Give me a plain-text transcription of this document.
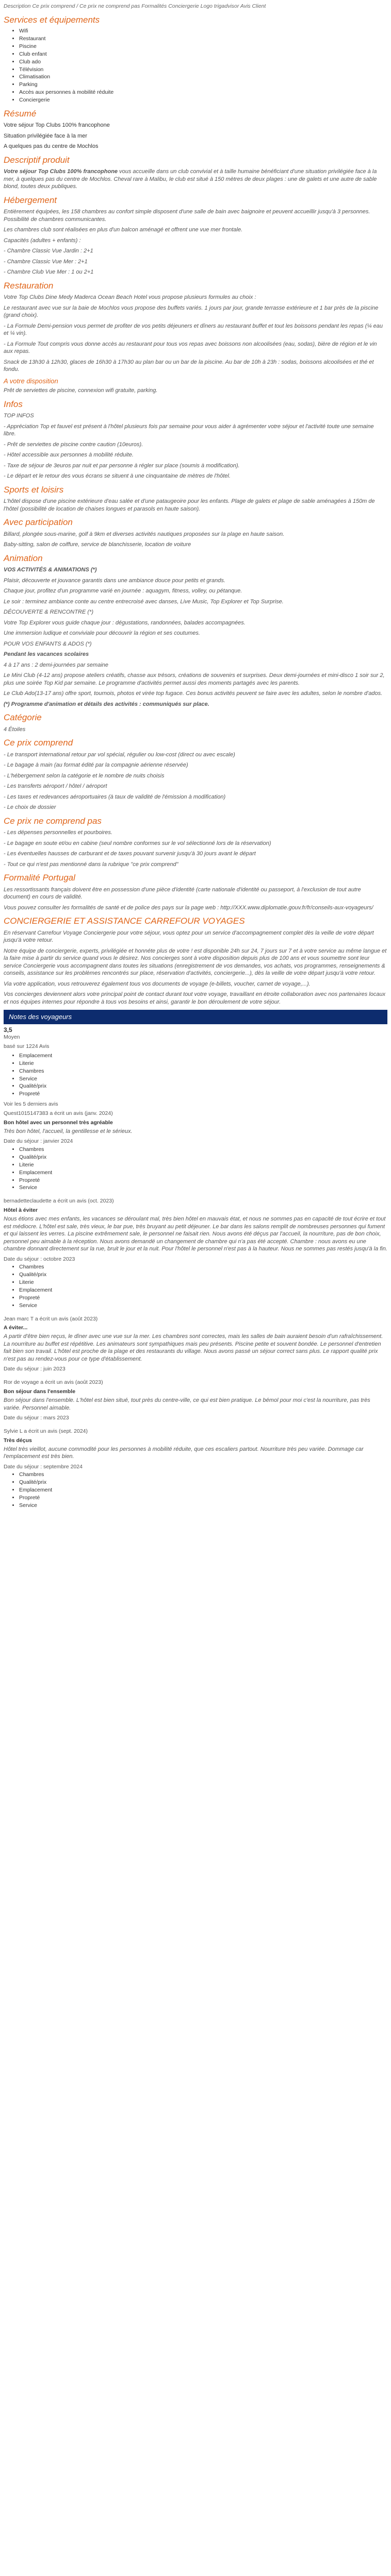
Description Ce prix comprend / Ce prix ne comprend pas Formalités Conciergerie Logo trigadvisor Avis Client

Services et équipements
• Wifi
• Restaurant
• Piscine
• Club enfant
• Club ado
• Télévision
• Climatisation
• Parking
• Accès aux personnes à mobilité réduite
• Conciergerie
Résumé

Votre séjour Top Clubs 100% francophone

Situation privilégiée face à la mer

A quelques pas du centre de Mochlos

Descriptif produit

Votre séjour Top Clubs 100% francophone vous accueille dans un club convivial et à taille humaine bénéficiant d'une situation privilégiée face à la mer, à quelques pas du centre de Mochlos. Cheval rare à Malibu, le club est situé à 150 mètres de deux plages : une de galets et une autre de sable blond, toutes deux publiques.

Hébergement

Entièrement équipées, les 158 chambres au confort simple disposent d'une salle de bain avec baignoire et peuvent accueillir jusqu'à 3 personnes. Possibilité de chambres communicantes.

Les chambres club sont réalisées en plus d'un balcon aménagé et offrent une vue mer frontale.

Capacités (adultes + enfants) :

- Chambre Classic Vue Jardin : 2+1

- Chambre Classic Vue Mer : 2+1

- Chambre Club Vue Mer : 1 ou 2+1

Restauration

Votre Top Clubs Dine Medy Maderca Ocean Beach Hotel vous propose plusieurs formules au choix :

Le restaurant avec vue sur la baie de Mochlos vous propose des buffets variés. 1 jours par jour, grande terrasse extérieure et 1 bar près de la piscine (grand choix).

- La Formule Demi-pension vous permet de profiter de vos petits déjeuners et dîners au restaurant buffet et tout les boissons pendant les repas (¼ eau et ¼ vin).

- La Formule Tout compris vous donne accès au restaurant pour tous vos repas avec boissons non alcoolisées (eau, sodas), bière de région et le vin aux repas.

Snack de 13h30 à 12h30, glaces de 16h30 à 17h30 au plan bar ou un bar de la piscine. Au bar de 10h à 23h : sodas, boissons alcoolisées et thé et fondu.

A votre disposition

Prêt de serviettes de piscine, connexion wifi gratuite, parking.

Infos

TOP INFOS

- Appréciation Top et fauvel est présent à l'hôtel plusieurs fois par semaine pour vous aider à agrémenter votre séjour et l'activité toute une semaine libre.

- Prêt de serviettes de piscine contre caution (10euros).

- Hôtel accessible aux personnes à mobilité réduite.

- Taxe de séjour de 3euros par nuit et par personne à régler sur place (soumis à modification).

- Le départ et le retour des vous écrans se situent à une cinquantaine de mètres de l'hôtel.

Sports et loisirs

L'hôtel dispose d'une piscine extérieure d'eau salée et d'une pataugeoire pour les enfants. Plage de galets et plage de sable aménagées à 150m de l'hôtel (possibilité de location de chaises longues et parasols en haute saison).

Avec participation

Billard, plongée sous-marine, golf à 9km et diverses activités nautiques proposées sur la plage en haute saison.

Baby-sitting, salon de coiffure, service de blanchisserie, location de voiture

Animation

VOS ACTIVITÉS & ANIMATIONS (*)

Plaisir, découverte et jouvance garantis dans une ambiance douce pour petits et grands.

Chaque jour, profitez d'un programme varié en journée : aquagym, fitness, volley, ou pétanque.

Le soir : terminez ambiance conte au centre entrecroisé avec danses, Live Music, Top Explorer et Top Surprise.

DÉCOUVERTE & RENCONTRE (*)

Votre Top Explorer vous guide chaque jour : dégustations, randonnées, balades accompagnées.

Une immersion ludique et conviviale pour découvrir la région et ses coutumes.

POUR VOS ENFANTS & ADOS (*)

Pendant les vacances scolaires

4 à 17 ans : 2 demi-journées par semaine

Le Mini Club (4-12 ans) propose ateliers créatifs, chasse aux trésors, créations de souvenirs et surprises. Deux demi-journées et mini-disco 1 soir sur 2, plus une soirée Top Kid par semaine. Le programme d'activités permet aussi des moments partagés avec les parents.

Le Club Ado(13-17 ans) offre sport, tournois, photos et virée top fugace. Ces bonus activités peuvent se faire avec les adultes, selon le nombre d'ados.

(*) Programme d'animation et détails des activités : communiqués sur place.

Catégorie

4 Étoiles

Ce prix comprend

- Le transport international retour par vol spécial, régulier ou low-cost (direct ou avec escale)

- Le bagage à main (au format édité par la compagnie aérienne réservée)

- L'hébergement selon la catégorie et le nombre de nuits choisis

- Les transferts aéroport / hôtel / aéroport

- Les taxes et redevances aéroportuaires (à taux de validité de l'émission à modification)

- Le choix de dossier

Ce prix ne comprend pas

- Les dépenses personnelles et pourboires.

- Le bagage en soute et/ou en cabine (seul nombre conformes sur le vol sélectionné lors de la réservation)

- Les éventuelles hausses de carburant et de taxes pouvant survenir jusqu'à 30 jours avant le départ

- Tout ce qui n'est pas mentionné dans la rubrique "ce prix comprend"

Formalité Portugal

Les ressortissants français doivent être en possession d'une pièce d'identité (carte nationale d'identité ou passeport, à l'exclusion de tout autre document) en cours de validité.

Vous pouvez consulter les formalités de santé et de police des pays sur la page web : http://XXX.www.diplomatie.gouv.fr/fr/conseils-aux-voyageurs/

CONCIERGERIE ET ASSISTANCE CARREFOUR VOYAGES

En réservant Carrefour Voyage Conciergerie pour votre séjour, vous optez pour un service d'accompagnement complet dès la veille de votre départ jusqu'à votre retour.

Notre équipe de conciergerie, experts, privilégiée et honnéte plus de votre ! est disponible 24h sur 24, 7 jours sur 7 et à votre service au même langue et la faire mise à partir du service quand vous le désirez. Nos concierges sont à votre disposition depuis plus de 100 ans et vous soumettre sont leur service Conciergerie vous accompagnent dans toutes les situations (enregistrement de vos demandes, vos achats, vos programmes, renseignements & conseils, assistance sur les problèmes rencontrés sur place, réservation d'activités, conciergerie...), dès la veille de votre départ jusqu'à votre retour.

Via votre application, vous retrouverez également tous vos documents de voyage (e-billets, voucher, carnet de voyage,...).

Vos concierges deviennent alors votre principal point de contact durant tout votre voyage, travaillant en étroite collaboration avec nos partenaires locaux et nos équipes internes pour répondre à tous vos besoins et ainsi, garantir le bon déroulement de votre séjour.

Notes des voyageurs
3,5
Moyen
basé sur 1224 Avis
• Emplacement
• Literie
• Chambres
• Service
• Qualité/prix
• Propreté
Voir les 5 derniers avis
Quest1015147383 a écrit un avis (janv. 2024)
Bon hôtel avec un personnel très agréable

Très bon hôtel, l'accueil, la gentillesse et le sérieux.

Date du séjour : janvier 2024
• Chambres
• Qualité/prix
• Literie
• Emplacement
• Propreté
• Service
bernadetteclaudette a écrit un avis (oct. 2023)
Hôtel à éviter

Nous étions avec mes enfants, les vacances se déroulant mal, très bien hôtel en mauvais état, et nous ne sommes pas en capacité de tout écrire et tout est médiocre. L'hôtel est sale, très vieux, le bar pue, très bruyant au petit déjeuner. Le bar dans les salons remplit de nombreuses personnes qui fument et qui laissent les verres. La piscine extrêmement sale, le personnel ne faisait rien. Nous avons été déçus par l'accueil, la nourriture, pas de bon choix, personnel peu aimable à la réception. Nous avons demandé un changement de chambre qui n'a pas été accepté. Chambre : nous avons eu une chambre donnant directement sur la rue, bruit le jour et la nuit. Pour l'hôtel le personnel n'est pas à la hauteur. Nous ne sommes pas restés jusqu'à la fin.

Date du séjour : octobre 2023
• Chambres
• Qualité/prix
• Literie
• Emplacement
• Propreté
• Service
Jean marc T a écrit un avis (août 2023)
A éviter...

A partir d'être bien reçus, le dîner avec une vue sur la mer. Les chambres sont correctes, mais les salles de bain auraient besoin d'un rafraîchissement. La nourriture au buffet est répétitive. Les animateurs sont sympathiques mais peu présents. Piscine petite et souvent bondée. Le personnel d'entretien fait bien son travail. L'hôtel est proche de la plage et des restaurants du village. Nous avons passé un séjour correct sans plus. Le rapport qualité prix n'est pas au rendez-vous pour ce type d'établissement.

Date du séjour : juin 2023
Ror de voyage a écrit un avis (août 2023)
Bon séjour dans l'ensemble

Bon séjour dans l'ensemble. L'hôtel est bien situé, tout près du centre-ville, ce qui est bien pratique. Le bémol pour moi c'est la nourriture, pas très variée. Personnel aimable.

Date du séjour : mars 2023
Sylvie L a écrit un avis (sept. 2024)
Très déçus

Hôtel très vieillot, aucune commodité pour les personnes à mobilité réduite, que ces escaliers partout. Nourriture très peu variée. Dommage car l'emplacement est très bien.

Date du séjour : septembre 2024
• Chambres
• Qualité/prix
• Emplacement
• Propreté
• Service
